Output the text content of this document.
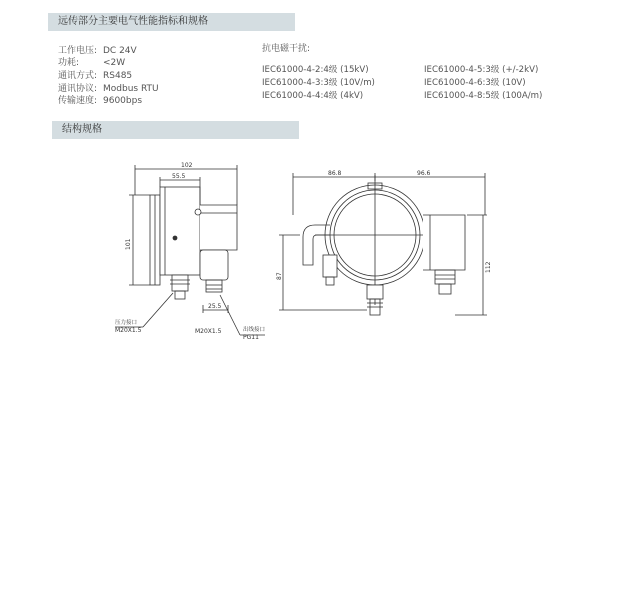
远传部分主要电气性能指标和规格
工作电压: DC 24V
功耗:	<2W
通讯方式: RS485
通讯协议: Modbus RTU
传输速度: 9600bps
抗电磁干扰:
IEC61000-4-2:4级 (15kV)
IEC61000-4-3:3级 (10V/m)
IEC61000-4-4:4级 (4kV)
IEC61000-4-5:3级 (+/-2kV)
IEC61000-4-6:3级 (10V)
IEC61000-4-8:5级 (100A/m)
结构规格
102
55.5
101
25.5
压力接口
M20X1.5	M20X1.5	出线接口
PG11
86.8	96.6
87
112
